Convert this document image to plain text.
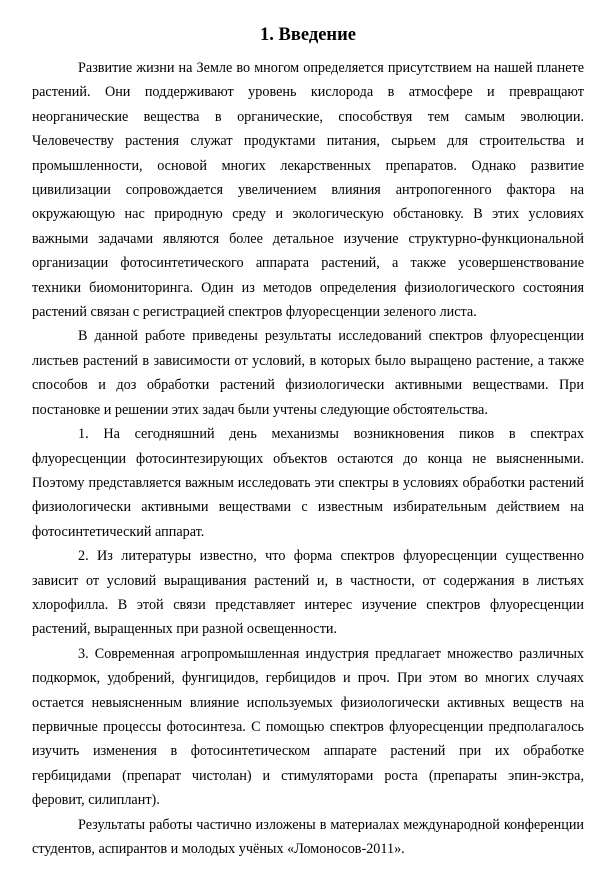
1. Введение

Развитие жизни на Земле во многом определяется присутствием на нашей планете растений. Они поддерживают уровень кислорода в атмосфере и превращают неорганические вещества в органические, способствуя тем самым эволюции. Человечеству растения служат продуктами питания, сырьем для строительства и промышленности, основой многих лекарственных препаратов. Однако развитие цивилизации сопровождается увеличением влияния антропогенного фактора на окружающую нас природную среду и экологическую обстановку. В этих условиях важными задачами являются более детальное изучение структурно-функциональной организации фотосинтетического аппарата растений, а также усовершенствование техники биомониторинга. Один из методов определения физиологического состояния растений связан с регистрацией спектров флуоресценции зеленого листа.

В данной работе приведены результаты исследований спектров флуоресценции листьев растений в зависимости от условий, в которых было выращено растение, а также способов и доз обработки растений физиологически активными веществами. При постановке и решении этих задач были учтены следующие обстоятельства.

1. На сегодняшний день механизмы возникновения пиков в спектрах флуоресценции фотосинтезирующих объектов остаются до конца не выясненными. Поэтому представляется важным исследовать эти спектры в условиях обработки растений физиологически активными веществами с известным избирательным действием на фотосинтетический аппарат.

2. Из литературы известно, что форма спектров флуоресценции существенно зависит от условий выращивания растений и, в частности, от содержания в листьях хлорофилла. В этой связи представляет интерес изучение спектров флуоресценции растений, выращенных при разной освещенности.

3. Современная агропромышленная индустрия предлагает множество различных подкормок, удобрений, фунгицидов, гербицидов и проч. При этом во многих случаях остается невыясненным влияние используемых физиологически активных веществ на первичные процессы фотосинтеза. С помощью спектров флуоресценции предполагалось изучить изменения в фотосинтетическом аппарате растений при их обработке гербицидами (препарат чистолан) и стимуляторами роста (препараты эпин-экстра, феровит, силиплант).

Результаты работы частично изложены в материалах международной конференции студентов, аспирантов и молодых учёных «Ломоносов-2011».
